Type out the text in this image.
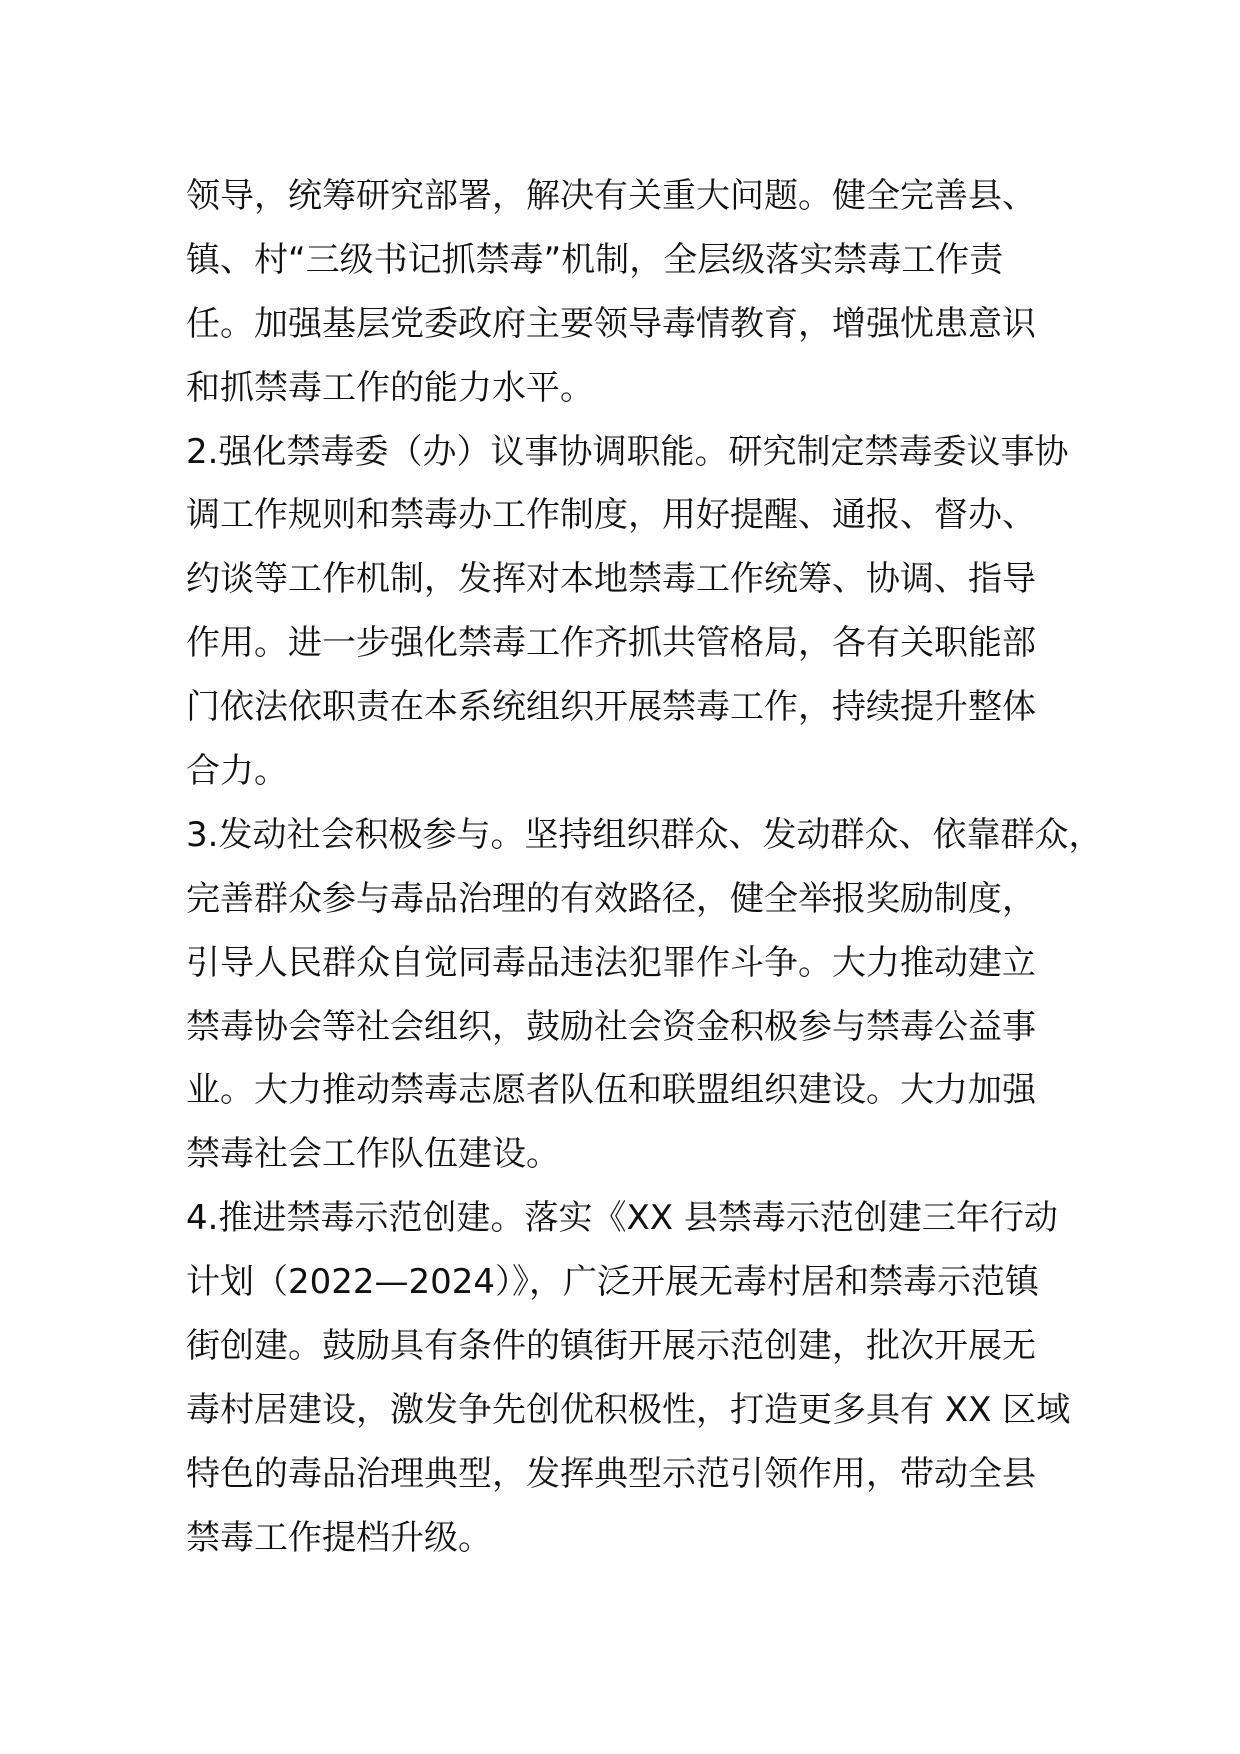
领导，统筹研究部署，解决有关重大问题。健全完善县、
镇、村“三级书记抓禁毒”机制，全层级落实禁毒工作责
任。加强基层党委政府主要领导毒情教育，增强忧患意识
和抓禁毒工作的能力水平。
2.强化禁毒委（办）议事协调职能。研究制定禁毒委议事协
调工作规则和禁毒办工作制度，用好提醒、通报、督办、
约谈等工作机制，发挥对本地禁毒工作统筹、协调、指导
作用。进一步强化禁毒工作齐抓共管格局，各有关职能部
门依法依职责在本系统组织开展禁毒工作，持续提升整体
合力。
3.发动社会积极参与。坚持组织群众、发动群众、依靠群众，
完善群众参与毒品治理的有效路径，健全举报奖励制度，
引导人民群众自觉同毒品违法犯罪作斗争。大力推动建立
禁毒协会等社会组织，鼓励社会资金积极参与禁毒公益事
业。大力推动禁毒志愿者队伍和联盟组织建设。大力加强
禁毒社会工作队伍建设。
4.推进禁毒示范创建。落实《XX 县禁毒示范创建三年行动
计划（2022—2024）》，广泛开展无毒村居和禁毒示范镇
街创建。鼓励具有条件的镇街开展示范创建，批次开展无
毒村居建设，激发争先创优积极性，打造更多具有 XX 区域
特色的毒品治理典型，发挥典型示范引领作用，带动全县
禁毒工作提档升级。
